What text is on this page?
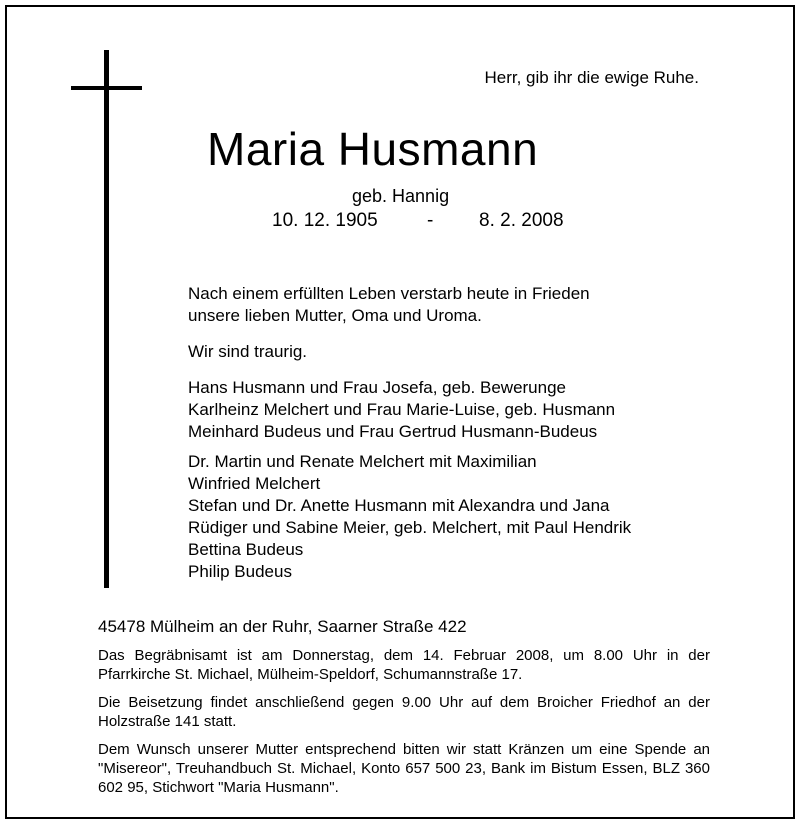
Herr, gib ihr die ewige Ruhe.
Maria Husmann
geb. Hannig
10. 12. 1905	- 8. 2. 2008

Nach einem erfüllten Leben verstarb heute in Frieden

unsere lieben Mutter, Oma und Uroma.

Wir sind traurig.

Hans Husmann und Frau Josefa, geb. Bewerunge

Karlheinz Melchert und Frau Marie-Luise, geb. Husmann

Meinhard Budeus und Frau Gertrud Husmann-Budeus

Dr. Martin und Renate Melchert mit Maximilian

Winfried Melchert

Stefan und Dr. Anette Husmann mit Alexandra und Jana

Rüdiger und Sabine Meier, geb. Melchert, mit Paul Hendrik

Bettina Budeus

Philip Budeus

45478 Mülheim an der Ruhr, Saarner Straße 422

Das Begräbnisamt ist am Donnerstag, dem 14. Februar 2008, um 8.00 Uhr in der Pfarrkirche St. Michael, Mülheim-Speldorf, Schumannstraße 17.

Die Beisetzung findet anschließend gegen 9.00 Uhr auf dem Broicher Friedhof an der Holzstraße 141 statt.

Dem Wunsch unserer Mutter entsprechend bitten wir statt Kränzen um eine Spende an "Misereor", Treuhandbuch St. Michael, Konto 657 500 23, Bank im Bistum Essen, BLZ 360 602 95, Stichwort "Maria Husmann".
